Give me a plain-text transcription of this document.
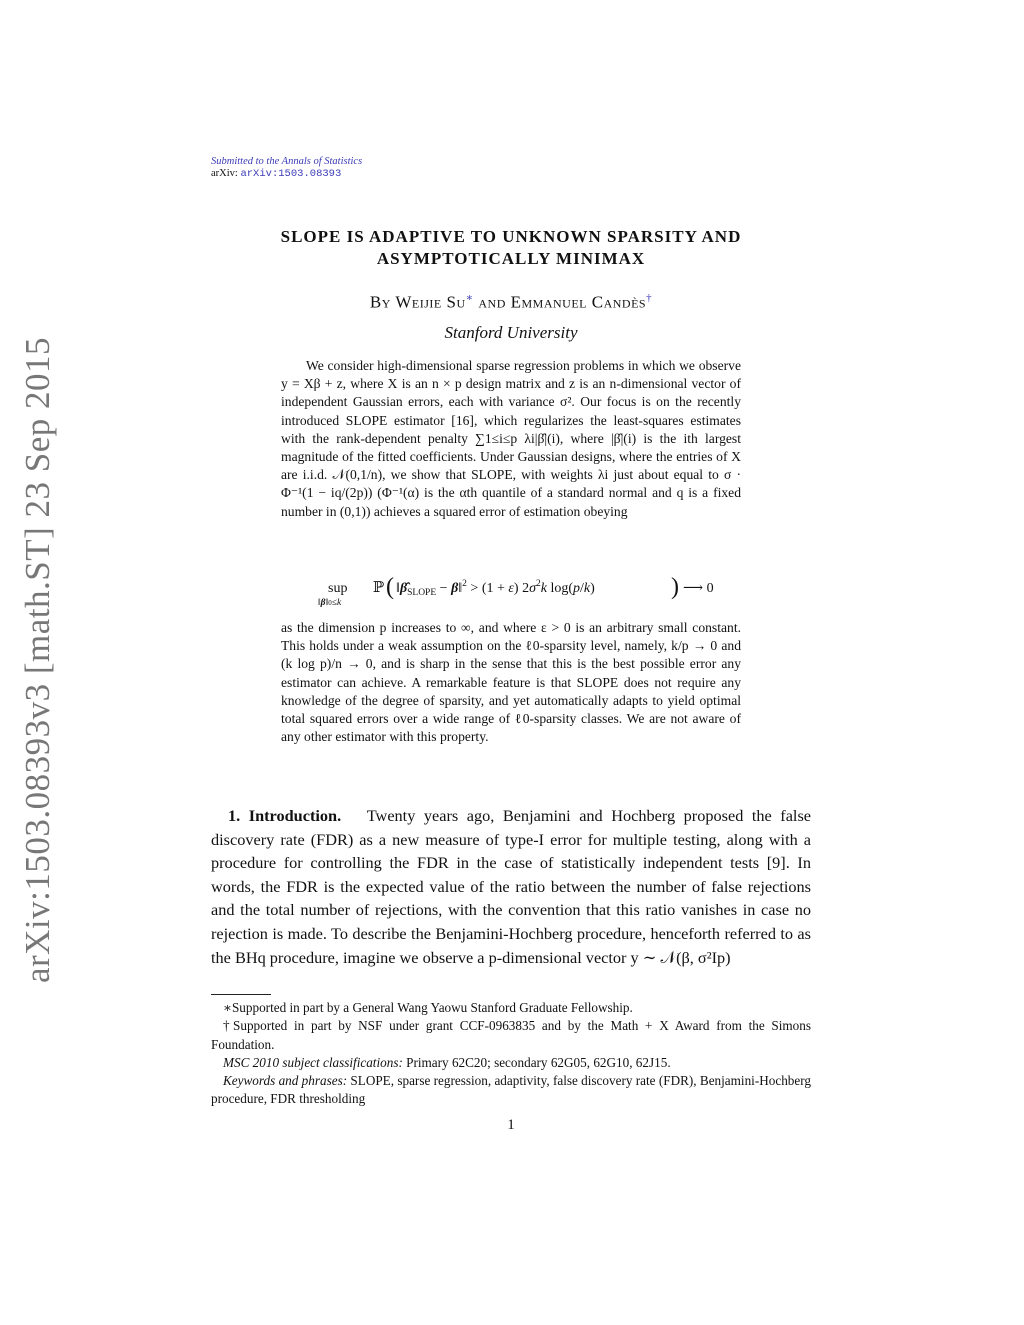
arXiv:1503.08393v3 [math.ST] 23 Sep 2015
Submitted to the Annals of Statistics
arXiv: arXiv:1503.08393
SLOPE IS ADAPTIVE TO UNKNOWN SPARSITY AND
ASYMPTOTICALLY MINIMAX
By Weijie Su∗ and Emmanuel Candès†
Stanford University

We consider high-dimensional sparse regression problems in which we observe y = Xβ + z, where X is an n × p design matrix and z is an n-dimensional vector of independent Gaussian errors, each with variance σ². Our focus is on the recently introduced SLOPE estimator [16], which regularizes the least-squares estimates with the rank-dependent penalty ∑1≤i≤p λi|β̂|(i), where |β̂|(i) is the ith largest magnitude of the fitted coefficients. Under Gaussian designs, where the entries of X are i.i.d. 𝒩(0,1/n), we show that SLOPE, with weights λi just about equal to σ · Φ⁻¹(1 − iq/(2p)) (Φ⁻¹(α) is the αth quantile of a standard normal and q is a fixed number in (0,1)) achieves a squared error of estimation obeying

sup
‖β‖0≤k
ℙ ( $‖\betâ_{SLOPE}$ − β‖$^2$ > (1 + ε) $2\sigma^2k$ log(p/k)	) ⟶ 0

as the dimension p increases to ∞, and where ε > 0 is an arbitrary small constant. This holds under a weak assumption on the ℓ0-sparsity level, namely, k/p → 0 and (k log p)/n → 0, and is sharp in the sense that this is the best possible error any estimator can achieve. A remarkable feature is that SLOPE does not require any knowledge of the degree of sparsity, and yet automatically adapts to yield optimal total squared errors over a wide range of ℓ0-sparsity classes. We are not aware of any other estimator with this property.

1. Introduction. Twenty years ago, Benjamini and Hochberg proposed the false discovery rate (FDR) as a new measure of type-I error for multiple testing, along with a procedure for controlling the FDR in the case of statistically independent tests [9]. In words, the FDR is the expected value of the ratio between the number of false rejections and the total number of rejections, with the convention that this ratio vanishes in case no rejection is made. To describe the Benjamini-Hochberg procedure, henceforth referred to as the BHq procedure, imagine we observe a p-dimensional vector y ∼ 𝒩(β, σ²Ip)

∗Supported in part by a General Wang Yaowu Stanford Graduate Fellowship.

†Supported in part by NSF under grant CCF-0963835 and by the Math + X Award from the Simons Foundation.

MSC 2010 subject classifications: Primary 62C20; secondary 62G05, 62G10, 62J15.

Keywords and phrases: SLOPE, sparse regression, adaptivity, false discovery rate (FDR), Benjamini-Hochberg procedure, FDR thresholding

1
